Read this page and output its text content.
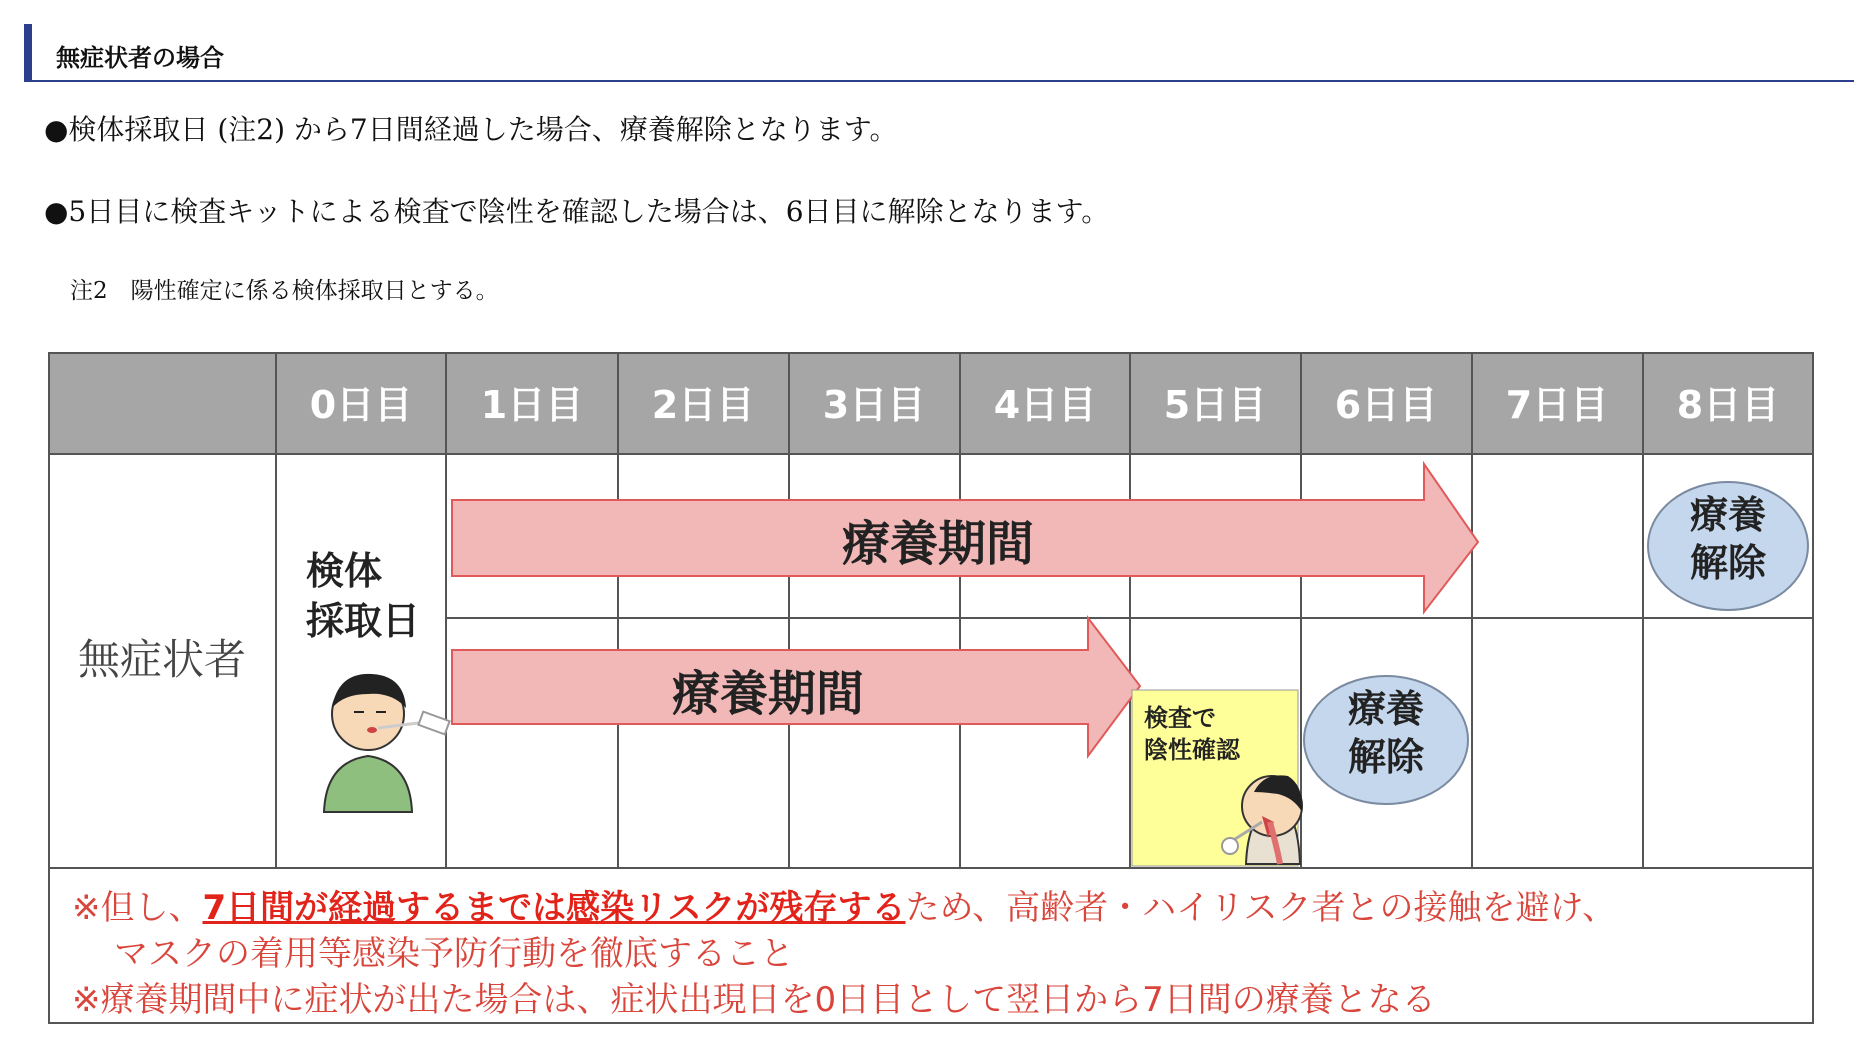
無症状者の場合
●検体採取日 (注2) から7日間経過した場合、療養解除となります。
●5日目に検査キットによる検査で陰性を確認した場合は、6日目に解除となります。
注2　陽性確定に係る検体採取日とする。
0日目 1日目 2日目 3日目 4日目 5日目 6日目 7日目 8日目
無症状者
検体
採取日
療養期間
療養期間
療養
解除
療養
解除
検査で
陰性確認
※但し、7日間が経過するまでは感染リスクが残存するため、高齢者・ハイリスク者との接触を避け、
マスクの着用等感染予防行動を徹底すること
※療養期間中に症状が出た場合は、症状出現日を0日目として翌日から7日間の療養となる
